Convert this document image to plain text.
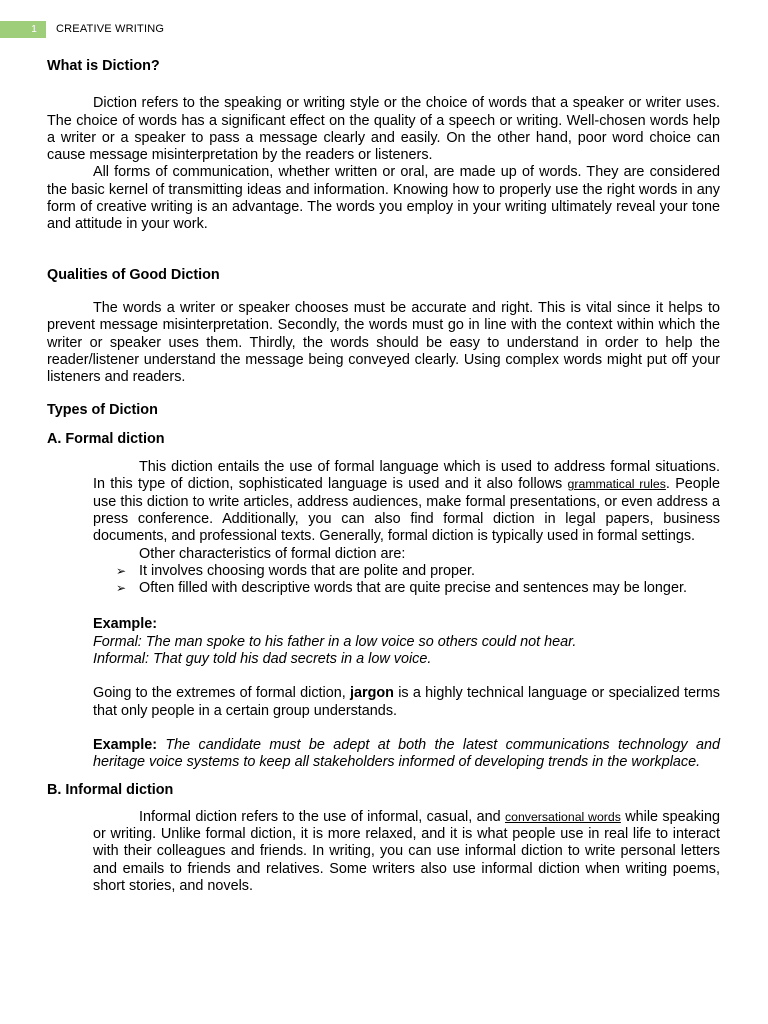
1	CREATIVE WRITING
What is Diction?

Diction refers to the speaking or writing style or the choice of words that a speaker or writer uses. The choice of words has a significant effect on the quality of a speech or writing. Well-chosen words help a writer or a speaker to pass a message clearly and easily. On the other hand, poor word choice can cause message misinterpretation by the readers or listeners.

All forms of communication, whether written or oral, are made up of words. They are considered the basic kernel of transmitting ideas and information. Knowing how to properly use the right words in any form of creative writing is an advantage. The words you employ in your writing ultimately reveal your tone and attitude in your work.

Qualities of Good Diction

The words a writer or speaker chooses must be accurate and right. This is vital since it helps to prevent message misinterpretation. Secondly, the words must go in line with the context within which the writer or speaker uses them. Thirdly, the words should be easy to understand in order to help the reader/listener understand the message being conveyed clearly. Using complex words might put off your listeners and readers.

Types of Diction
A. Formal diction

This diction entails the use of formal language which is used to address formal situations. In this type of diction, sophisticated language is used and it also follows grammatical rules. People use this diction to write articles, address audiences, make formal presentations, or even address a press conference. Additionally, you can also find formal diction in legal papers, business documents, and professional texts. Generally, formal diction is typically used in formal settings.

Other characteristics of formal diction are:

➢ It involves choosing words that are polite and proper.
➢ Often filled with descriptive words that are quite precise and sentences may be longer.
Example:
Formal: The man spoke to his father in a low voice so others could not hear.
Informal: That guy told his dad secrets in a low voice.

Going to the extremes of formal diction, jargon is a highly technical language or specialized terms that only people in a certain group understands.

Example: The candidate must be adept at both the latest communications technology and heritage voice systems to keep all stakeholders informed of developing trends in the workplace.

B. Informal diction

Informal diction refers to the use of informal, casual, and conversational words while speaking or writing. Unlike formal diction, it is more relaxed, and it is what people use in real life to interact with their colleagues and friends. In writing, you can use informal diction to write personal letters and emails to friends and relatives. Some writers also use informal diction when writing poems, short stories, and novels.
